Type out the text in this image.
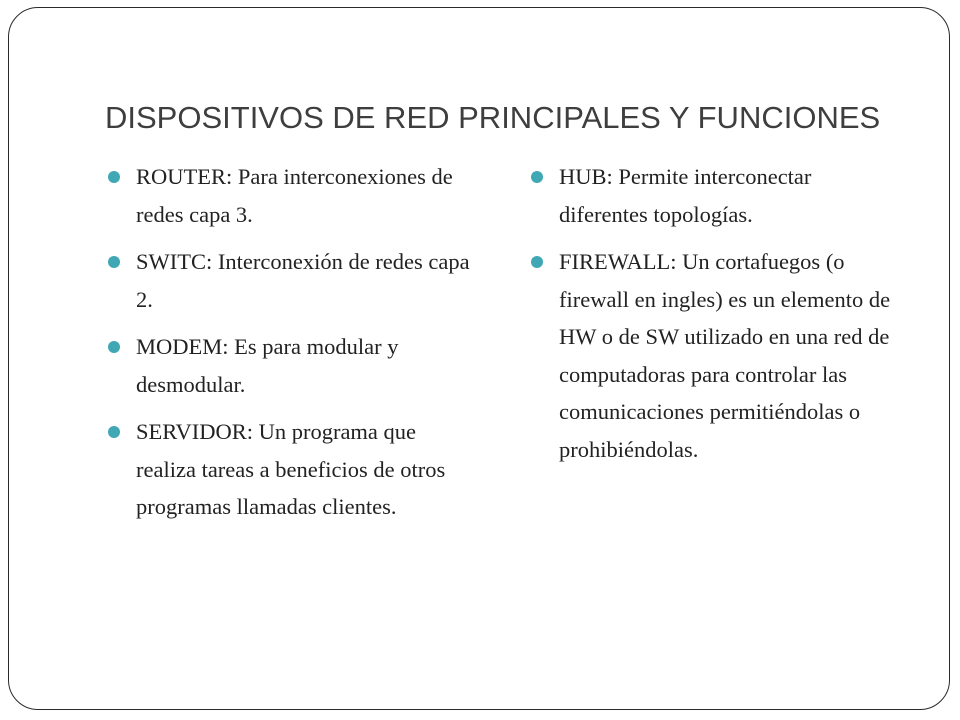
DISPOSITIVOS DE RED PRINCIPALES Y FUNCIONES
ROUTER: Para interconexiones de redes capa 3.
SWITC: Interconexión de redes capa 2.
MODEM: Es para modular y desmodular.
SERVIDOR: Un programa que realiza tareas a beneficios de otros programas llamadas clientes.
HUB: Permite interconectar diferentes topologías.
FIREWALL: Un cortafuegos (o firewall en ingles) es un elemento de HW o de SW utilizado en una red de computadoras para controlar las comunicaciones permitiéndolas o prohibiéndolas.
